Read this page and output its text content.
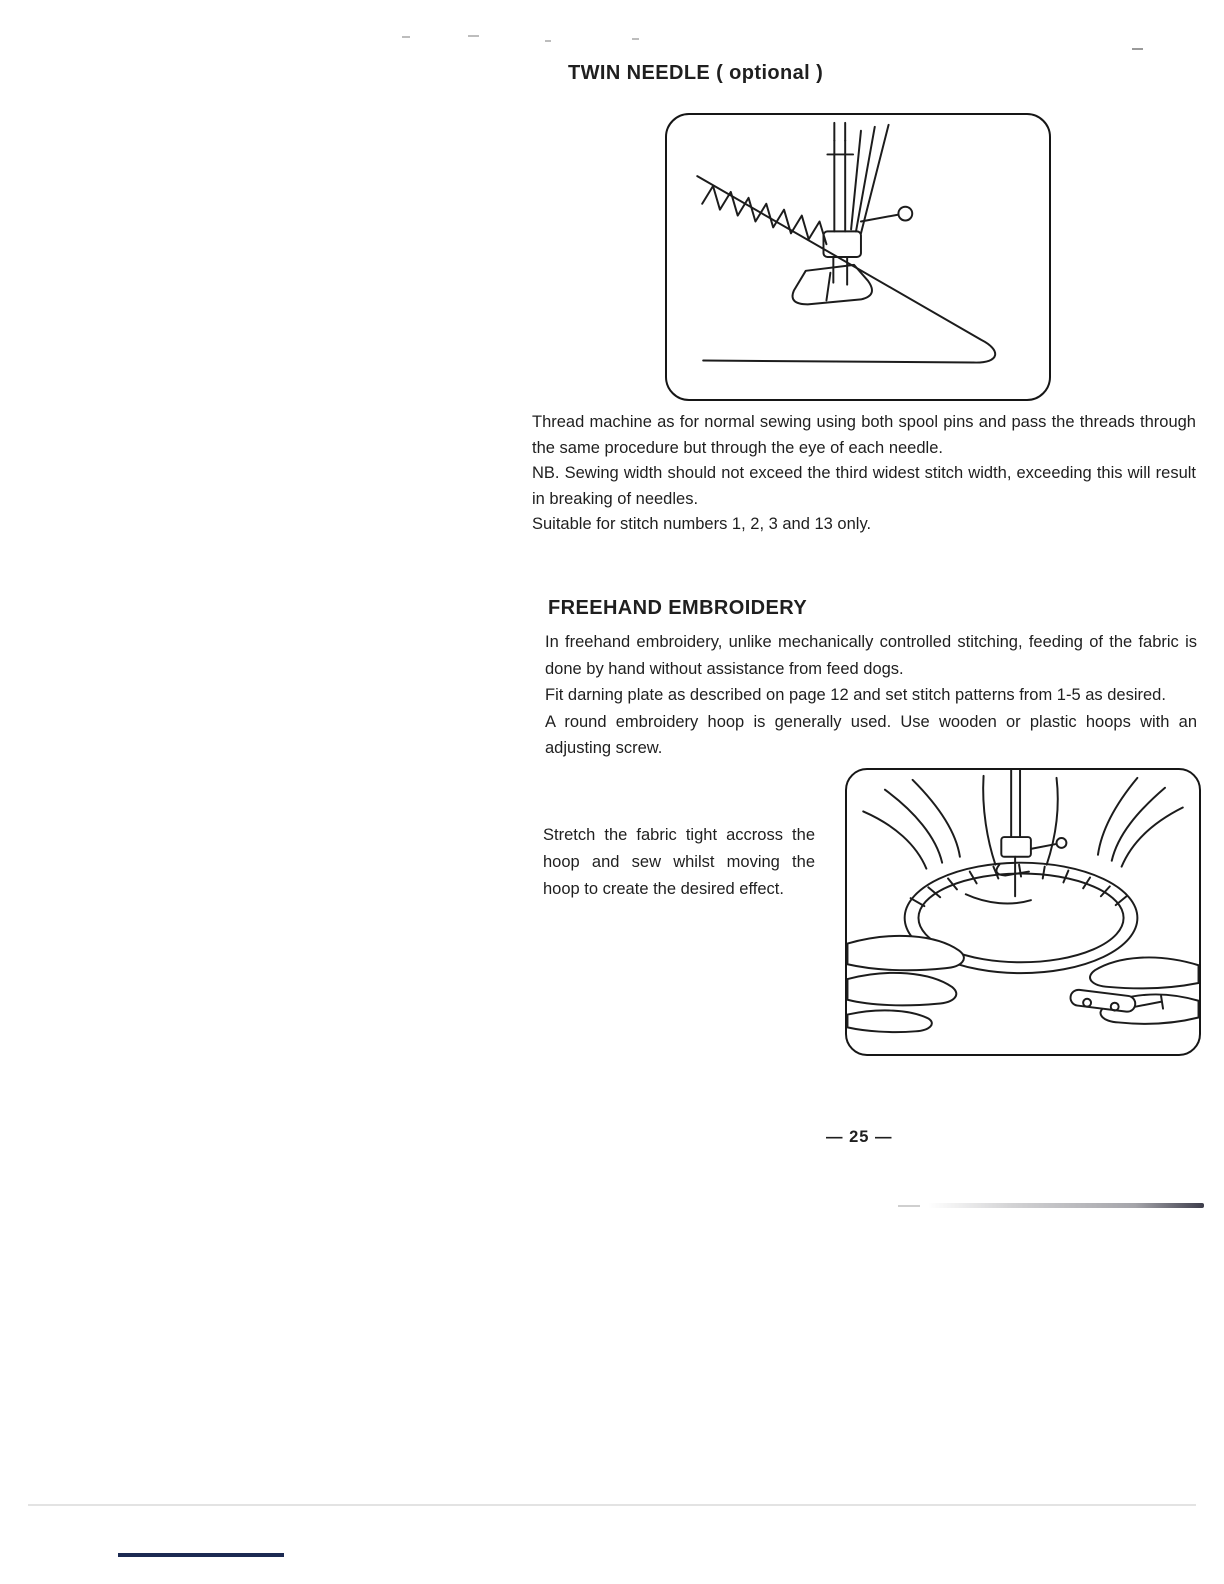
TWIN NEEDLE ( optional )

Thread machine as for normal sewing using both spool pins and pass the threads through the same procedure but through the eye of each needle.

NB. Sewing width should not exceed the third widest stitch width, exceeding this will result in breaking of needles.

Suitable for stitch numbers 1, 2, 3 and 13 only.

FREEHAND EMBROIDERY

In freehand embroidery, unlike mechanically controlled stitching, feeding of the fabric is done by hand without assistance from feed dogs.

Fit darning plate as described on page 12 and set stitch patterns from 1-5 as desired.

A round embroidery hoop is generally used. Use wooden or plastic hoops with an adjusting screw.

Stretch the fabric tight accross the hoop and sew whilst moving the hoop to create the desired effect.
— 25 —
